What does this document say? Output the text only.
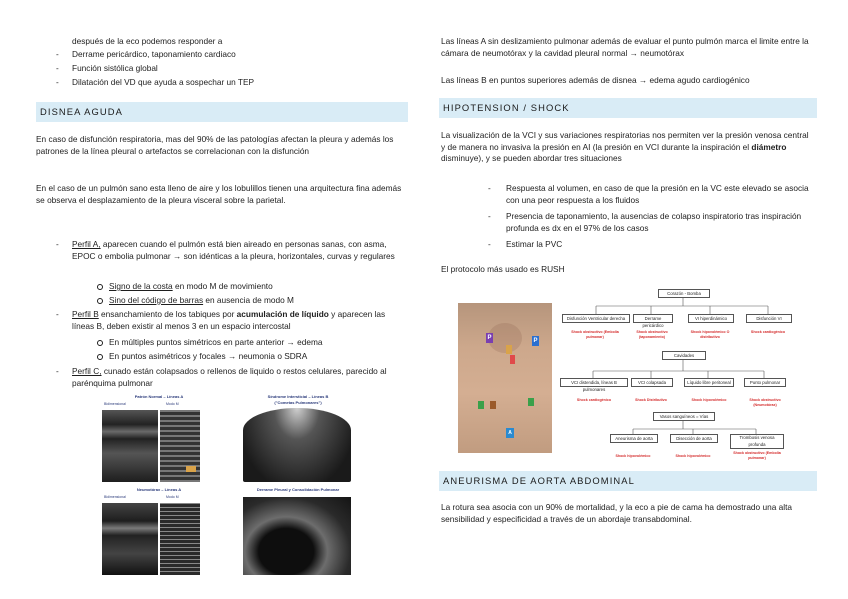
después de la eco podemos responder a

- Derrame pericárdico, taponamiento cardiaco
- Función sistólica global
- Dilatación del VD que ayuda a sospechar un TEP
DISNEA AGUDA

En caso de disfunción respiratoria, mas del 90% de las patologías afectan la pleura y además los patrones de la línea pleural o artefactos se correlacionan con la disfunción

En el caso de un pulmón sano esta lleno de aire y los lobulillos tienen una arquitectura fina además se observa el desplazamiento de la pleura visceral sobre la parietal.

- Perfil A, aparecen cuando el pulmón está bien aireado en personas sanas, con asma, EPOC o embolia pulmonar → son idénticas a la pleura, horizontales, curvas y regulares

Signo de la costa en modo M de movimiento

Sino del código de barras en ausencia de modo M

- Perfil B ensanchamiento de los tabiques por acumulación de líquido y aparecen las líneas B, deben existir al menos 3 en un espacio intercostal

En múltiples puntos simétricos en parte anterior → edema

En puntos asimétricos y focales → neumonia o SDRA

- Perfil C, cunado están colapsados o rellenos de liquido o restos celulares, parecido al parénquima pulmonar

Patrón Normal – Líneas A
Bidimensional	Modo M
Síndrome Intersticial – Líneas B
("Cometas Pulmonares")
Neumotórax – Líneas A
Bidimensional	Modo M
Derrame Pleural y Consolidación Pulmonar

Las líneas A sin deslizamiento pulmonar además de evaluar el punto pulmón marca el limite entre la cámara de neumotórax y la cavidad pleural normal → neumotórax

Las líneas B en puntos superiores además de disnea → edema agudo cardiogénico

HIPOTENSION / SHOCK

La visualización de la VCI y sus variaciones respiratorias nos permiten ver la presión venosa central y de manera no invasiva la presión en AI (la presión en VCI durante la inspiración el diámetro disminuye), y se pueden abordar tres situaciones

- Respuesta al volumen, en caso de que la presión en la VC este elevado se asocia con una peor respuesta a los fluidos

- Presencia de taponamiento, la ausencias de colapso inspiratorio tras inspiración profunda es dx en el 97% de los casos

- Estimar la PVC

El protocolo más usado es RUSH

P	P
A
Corazón - Bomba
Disfunción Ventricular derecha	Derrame pericárdico
VI hiperdinámico	Disfunción VI
Shock obstructivo (Embolia pulmonar)
Shock obstructivo (taponamiento)
Shock hipovolémico O distributivo
Shock cardiogénico
Cavidades
VCI distendida, líneas B pulmonares
VCI colapsada	Líquido libre peritoneal	Punto pulmonar
Shock cardiogénico	Shock Distributivo	Shock hipovolémico	Shock obstructivo (Neumotórax)
Vasos sanguíneos = Vías
Aneurisma de aorta	Disección de aorta	Trombosis venosa profunda
Shock hipovolémico	Shock hipovolémico
Shock obstructivo (Embolia pulmonar)
ANEURISMA DE AORTA ABDOMINAL

La rotura sea asocia con un 90% de mortalidad, y la eco a pie de cama ha demostrado una alta sensibilidad y especificidad a través de un abordaje transabdominal.
